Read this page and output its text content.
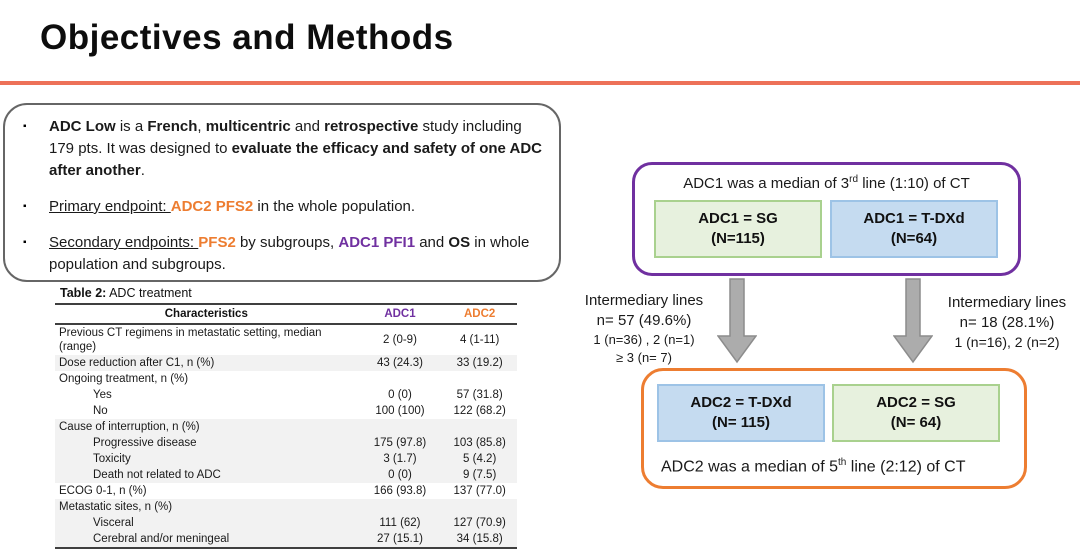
Objectives and Methods
▪	ADC Low is a French, multicentric and retrospective study including 179 pts. It was designed to evaluate the efficacy and safety of one ADC after another.

▪	Primary endpoint: ADC2 PFS2 in the whole population.

▪	Secondary endpoints: PFS2 by subgroups, ADC1 PFI1 and OS in whole population and subgroups.

Table 2: ADC treatment
Characteristics	ADC1	ADC2
Previous CT regimens in metastatic setting, median (range)	2 (0-9)	4 (1-11)
Dose reduction after C1, n (%)	43 (24.3)	33 (19.2)
Ongoing treatment, n (%)		
Yes	0 (0)	57 (31.8)
No	100 (100)	122 (68.2)
Cause of interruption, n (%)		
Progressive disease	175 (97.8)	103 (85.8)
Toxicity	3 (1.7)	5 (4.2)
Death not related to ADC	0 (0)	9 (7.5)
ECOG 0-1, n (%)	166 (93.8)	137 (77.0)
Metastatic sites, n (%)		
Visceral	111 (62)	127 (70.9)
Cerebral and/or meningeal	27 (15.1)	34 (15.8)
ADC1 was a median of 3rd line (1:10) of CT
ADC1 = SG
(N=115)
ADC1 = T-DXd
(N=64)
Intermediary lines
n= 57 (49.6%)
1 (n=36) , 2 (n=1)
≥ 3 (n= 7)
Intermediary lines
n= 18 (28.1%)
1 (n=16), 2 (n=2)
ADC2 = T-DXd
(N= 115)
ADC2 = SG
(N= 64)
ADC2 was a median of 5th line (2:12) of CT
